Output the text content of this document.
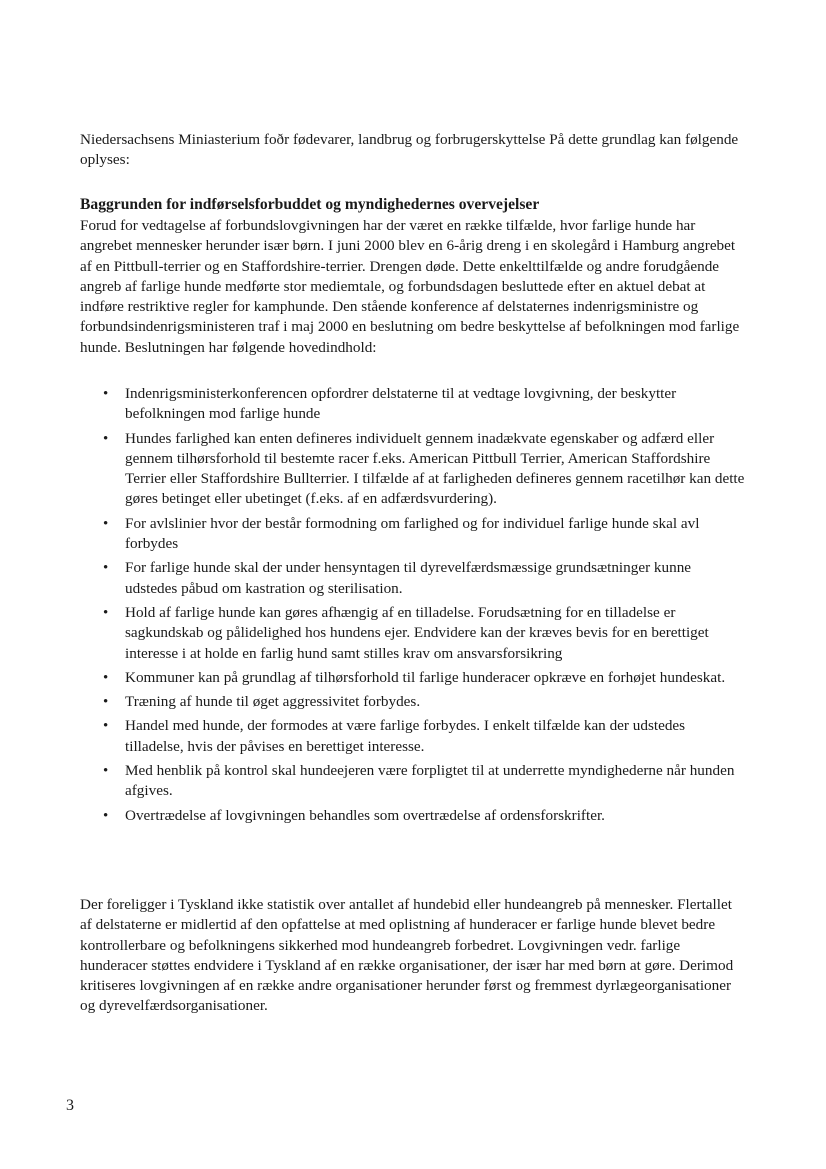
Niedersachsens Miniasterium foðr fødevarer, landbrug og forbrugerskyttelse På dette grundlag kan følgende oplyses:

Baggrunden for indførselsforbuddet og myndighedernes overvejelser

Forud for vedtagelse af forbundslovgivningen har der været en række tilfælde, hvor farlige hunde har angrebet mennesker herunder især børn. I juni 2000 blev en 6-årig dreng i en skolegård i Hamburg angrebet af en Pittbull-terrier og en Staffordshire-terrier. Drengen døde. Dette enkelttilfælde og andre forudgående angreb af farlige hunde medførte stor mediemtale, og forbundsdagen besluttede efter en aktuel debat at indføre restriktive regler for kamphunde. Den stående konference af delstaternes indenrigsministre og forbundsindenrigsministeren traf i maj 2000 en beslutning om bedre beskyttelse af befolkningen mod farlige hunde. Beslutningen har følgende hovedindhold:

• Indenrigsministerkonferencen opfordrer delstaterne til at vedtage lovgivning, der beskytter befolkningen mod farlige hunde
• Hundes farlighed kan enten defineres individuelt gennem inadækvate egenskaber og adfærd eller gennem tilhørsforhold til bestemte racer f.eks. American Pittbull Terrier, American Staffordshire Terrier eller Staffordshire Bullterrier. I tilfælde af at farligheden defineres gennem racetilhør kan dette gøres betinget eller ubetinget (f.eks. af en adfærdsvurdering).
• For avlslinier hvor der består formodning om farlighed og for individuel farlige hunde skal avl forbydes
• For farlige hunde skal der under hensyntagen til dyrevelfærdsmæssige grundsætninger kunne udstedes påbud om kastration og sterilisation.
• Hold af farlige hunde kan gøres afhængig af en tilladelse. Forudsætning for en tilladelse er sagkundskab og pålidelighed hos hundens ejer. Endvidere kan der kræves bevis for en berettiget interesse i at holde en farlig hund samt stilles krav om ansvarsforsikring
• Kommuner kan på grundlag af tilhørsforhold til farlige hunderacer opkræve en forhøjet hundeskat.
• Træning af hunde til øget aggressivitet forbydes.
• Handel med hunde, der formodes at være farlige forbydes. I enkelt tilfælde kan der udstedes tilladelse, hvis der påvises en berettiget interesse.
• Med henblik på kontrol skal hundeejeren være forpligtet til at underrette myndighederne når hunden afgives.
• Overtrædelse af lovgivningen behandles som overtrædelse af ordensforskrifter.

Der foreligger i Tyskland ikke statistik over antallet af hundebid eller hundeangreb på mennesker. Flertallet af delstaterne er midlertid af den opfattelse at med oplistning af hunderacer er farlige hunde blevet bedre kontrollerbare og befolkningens sikkerhed mod hundeangreb forbedret. Lovgivningen vedr. farlige hunderacer støttes endvidere i Tyskland af en række organisationer, der især har med børn at gøre. Derimod kritiseres lovgivningen af en række andre organisationer herunder først og fremmest dyrlægeorganisationer og dyrevelfærdsorganisationer.

3
